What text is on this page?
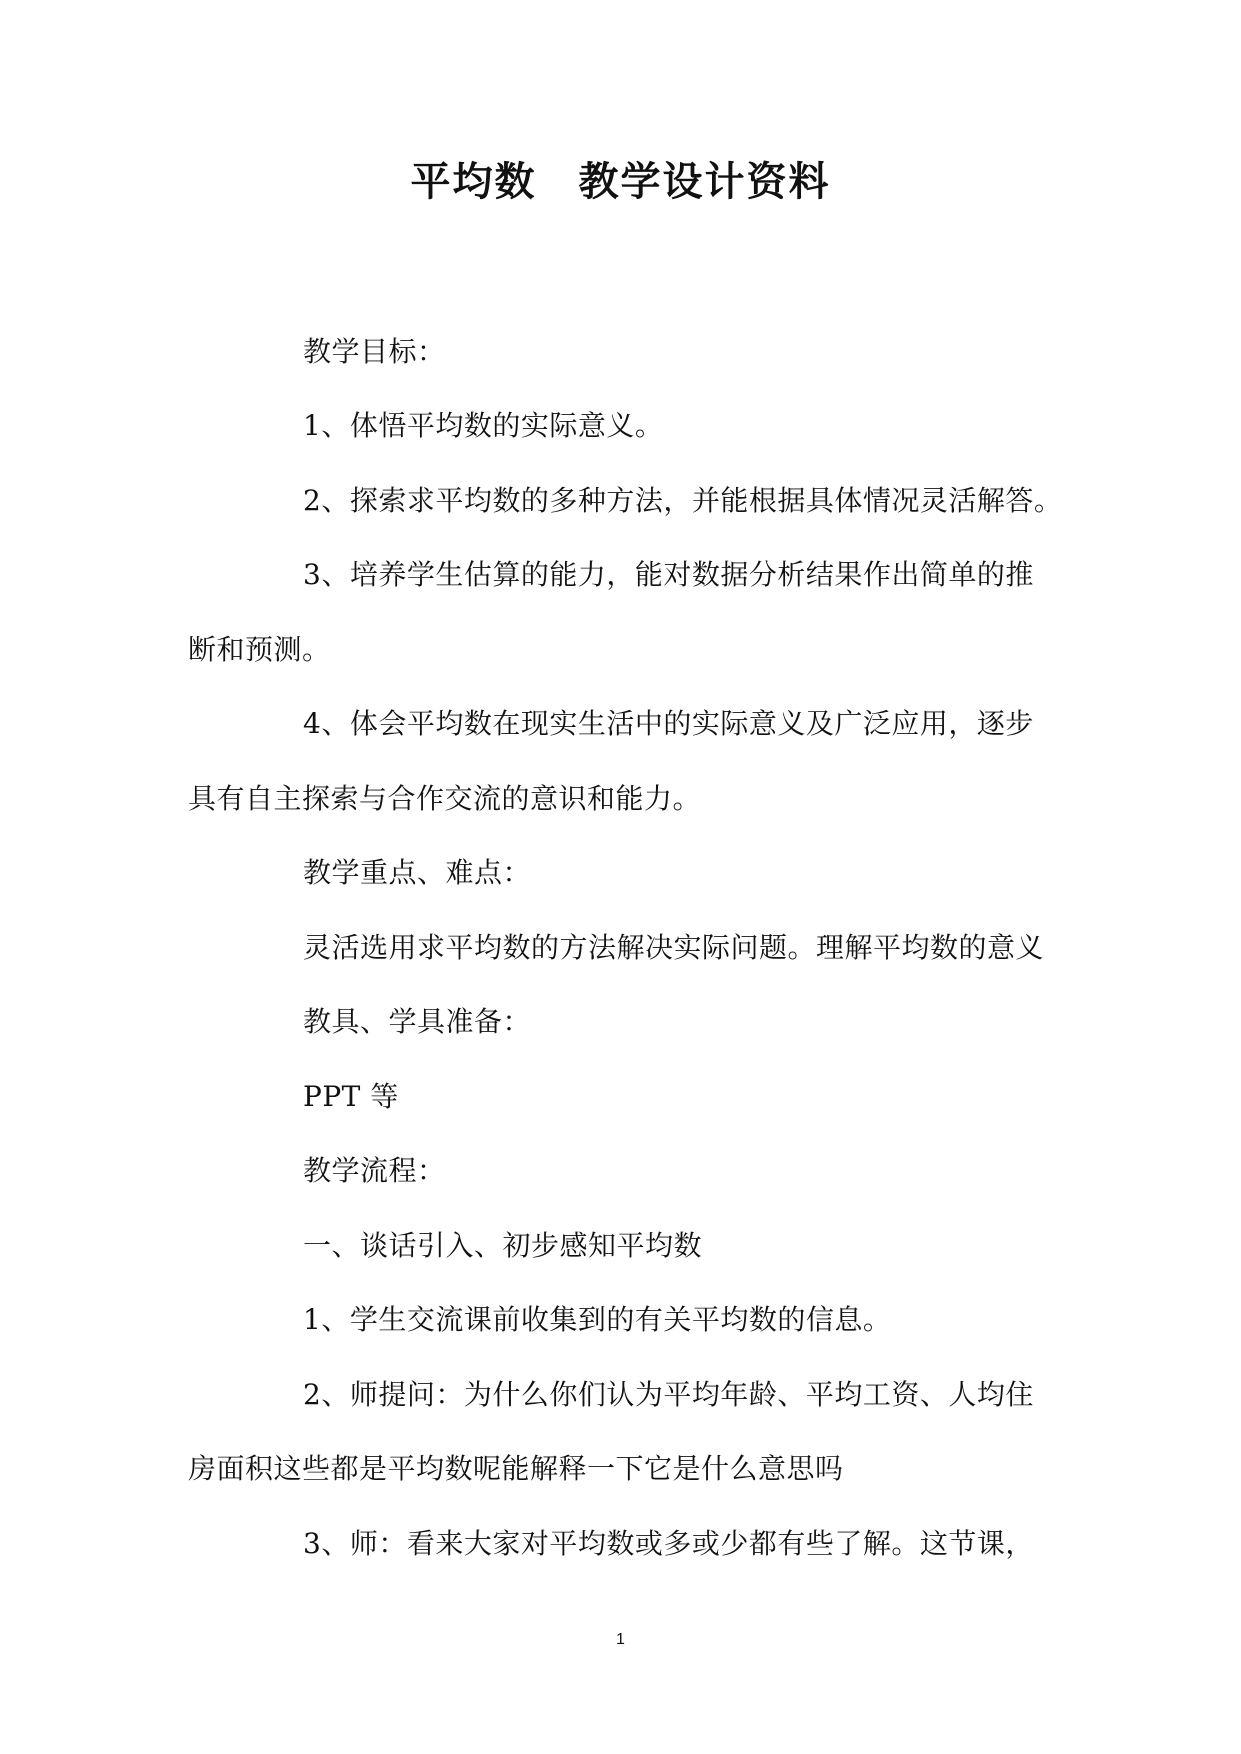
平均数　教学设计资料
教学目标：
1、体悟平均数的实际意义。
2、探索求平均数的多种方法，并能根据具体情况灵活解答。
3、培养学生估算的能力，能对数据分析结果作出简单的推
断和预测。
4、体会平均数在现实生活中的实际意义及广泛应用，逐步
具有自主探索与合作交流的意识和能力。
教学重点、难点：
灵活选用求平均数的方法解决实际问题。理解平均数的意义
教具、学具准备：
PPT 等
教学流程：
一、谈话引入、初步感知平均数
1、学生交流课前收集到的有关平均数的信息。
2、师提问：为什么你们认为平均年龄、平均工资、人均住
房面积这些都是平均数呢能解释一下它是什么意思吗
3、师：看来大家对平均数或多或少都有些了解。这节课，
1
